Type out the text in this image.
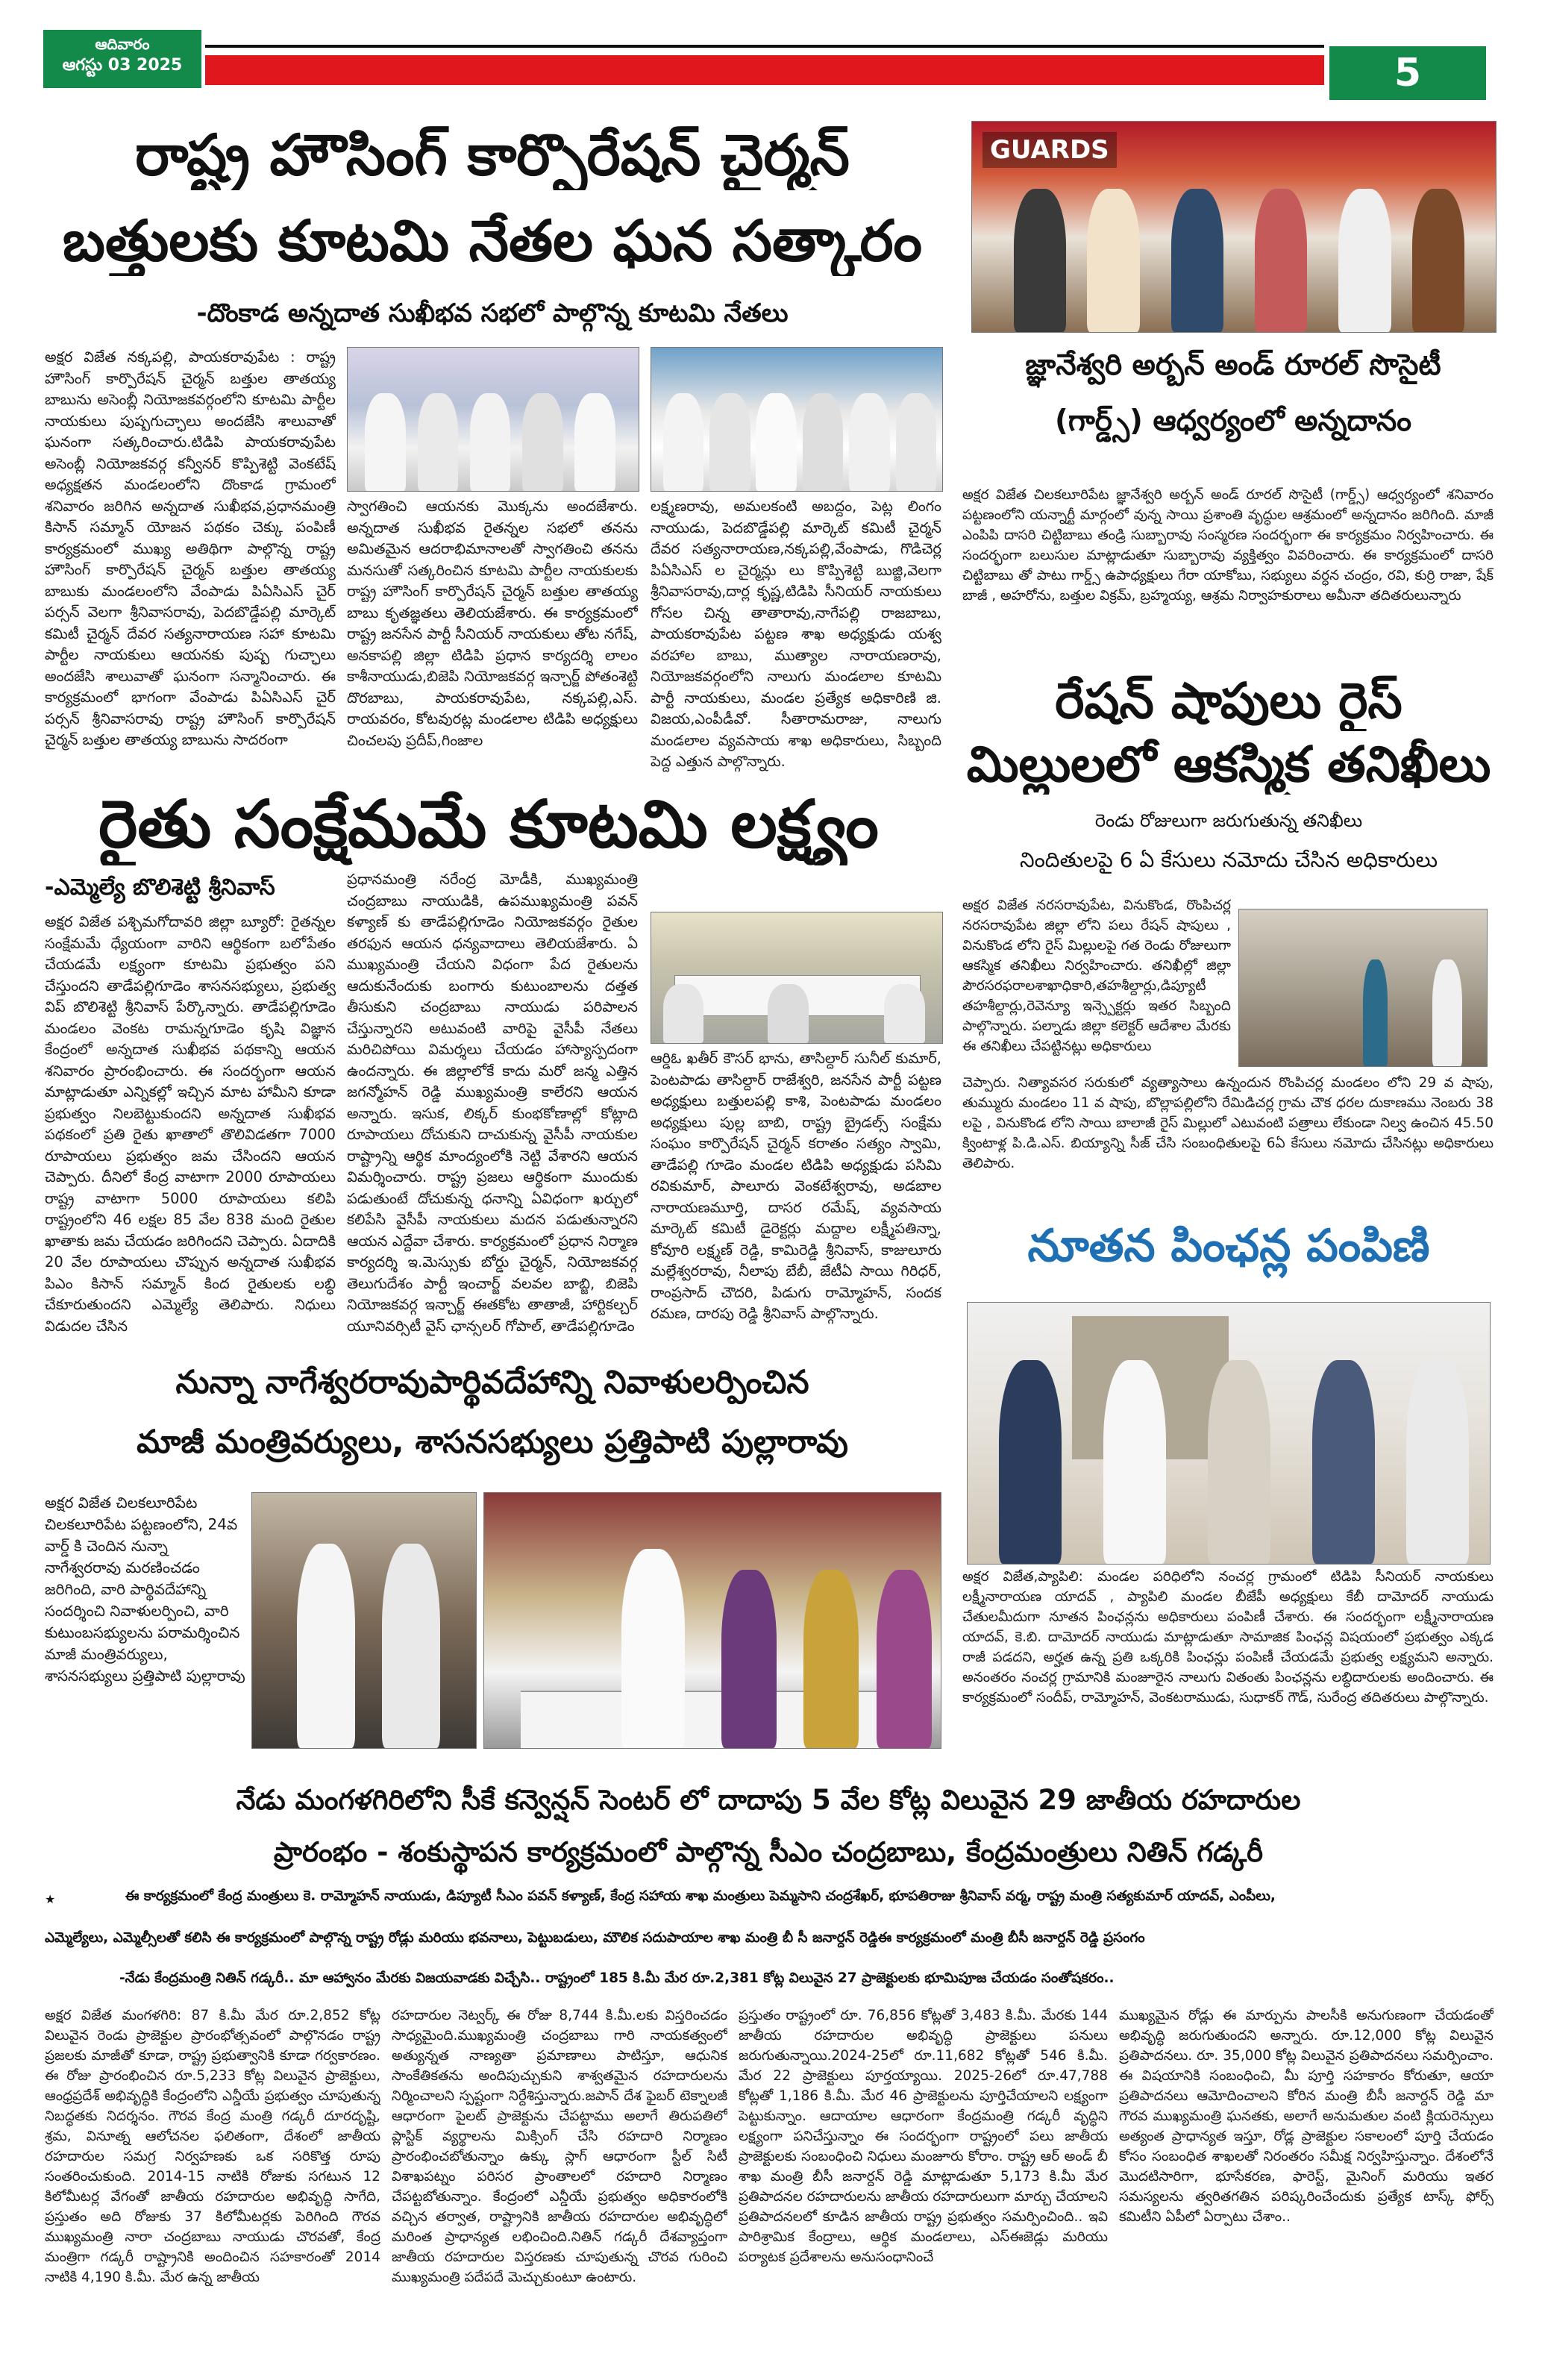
ఆదివారం
ఆగస్టు 03 2025	5
రాష్ట్ర హౌసింగ్ కార్పొరేషన్ చైర్మన్
బత్తులకు కూటమి నేతల ఘన సత్కారం
-దొంకాడ అన్నదాత సుఖీభవ సభలో పాల్గొన్న కూటమి నేతలు
అక్షర విజేత నక్కపల్లి, పాయకరావుపేట : రాష్ట్ర హౌసింగ్ కార్పొరేషన్ చైర్మన్ బత్తుల తాతయ్య బాబును అసెంబ్లీ నియోజకవర్గంలోని కూటమి పార్టీల నాయకులు పుష్పగుచ్ఛాలు అందజేసి శాలువాతో ఘనంగా సత్కరించారు.టిడిపి పాయకరావుపేట అసెంబ్లీ నియోజకవర్గ కన్వీనర్ కొప్పిశెట్టి వెంకటేష్ అధ్యక్షతన మండలంలోని దొంకాడ గ్రామంలో శనివారం జరిగిన అన్నదాత సుఖీభవ,ప్రధానమంత్రి కిసాన్ సమ్మాన్ యోజన పథకం చెక్కు పంపిణీ కార్యక్రమంలో ముఖ్య అతిథిగా పాల్గొన్న రాష్ట్ర హౌసింగ్ కార్పొరేషన్ చైర్మన్ బత్తుల తాతయ్య బాబుకు మండలంలోని వేంపాడు పిఏసిఎస్ చైర్ పర్సన్ వెలగా శ్రీనివాసరావు, పెదబొడ్డేపల్లి మార్కెట్ కమిటీ చైర్మన్ దేవర సత్యనారాయణ సహా కూటమి పార్టీల నాయకులు ఆయనకు పుష్ప గుచ్ఛాలు అందజేసి శాలువాతో ఘనంగా సన్మానించారు. ఈ కార్యక్రమంలో భాగంగా వేంపాడు పిఏసిఎస్ చైర్ పర్సన్ శ్రీనివాసరావు రాష్ట్ర హౌసింగ్ కార్పొరేషన్ చైర్మన్ బత్తుల తాతయ్య బాబును సాదరంగా
స్వాగతించి ఆయనకు మొక్కను అందజేశారు. అన్నదాత సుఖీభవ రైతన్నల సభలో తనను అమితమైన ఆదరాభిమానాలతో స్వాగతించి తనను మనసుతో సత్కరించిన కూటమి పార్టీల నాయకులకు రాష్ట్ర హౌసింగ్ కార్పొరేషన్ చైర్మన్ బత్తుల తాతయ్య బాబు కృతజ్ఞతలు తెలియజేశారు. ఈ కార్యక్రమంలో రాష్ట్ర జనసేన పార్టీ సీనియర్ నాయకులు తోట నగేష్, అనకాపల్లి జిల్లా టిడిపి ప్రధాన కార్యదర్శి లాలం కాశీనాయుడు,బిజెపి నియోజకవర్గ ఇన్చార్జ్ పోతంశెట్టి దొరబాబు, పాయకరావుపేట, నక్కపల్లి,ఎస్. రాయవరం, కోటవురట్ల మండలాల టిడిపి అధ్యక్షులు చించలపు ప్రదీప్,గింజాల
లక్ష్మణరావు, అమలకంటి అబద్దం, పెట్ల లింగం నాయుడు, పెదబొడ్డేపల్లి మార్కెట్ కమిటీ చైర్మన్ దేవర సత్యనారాయణ,నక్కపల్లి,వేంపాడు, గొడిచెర్ల పిఏసిఎస్ ల చైర్మన్లు లు కొప్పిశెట్టి బుజ్జి,వెలగా శ్రీనివాసరావు,దార్ల కృష్ణ,టిడిపి సీనియర్ నాయకులు గోసల చిన్న తాతారావు,నాగేపల్లి రాజబాబు, పాయకరావుపేట పట్టణ శాఖ అధ్యక్షుడు యశ్వ వరహాల బాబు, ముత్యాల నారాయణరావు, నియోజకవర్గంలోని నాలుగు మండలాల కూటమి పార్టీ నాయకులు, మండల ప్రత్యేక అధికారిణి జి. విజయ,ఎంపీడీవో. సీతారామరాజు, నాలుగు మండలాల వ్యవసాయ శాఖ అధికారులు, సిబ్బంది పెద్ద ఎత్తున పాల్గొన్నారు.
GUARDS
జ్ఞానేశ్వరి అర్బన్ అండ్ రూరల్ సొసైటీ
(గార్డ్స్) ఆధ్వర్యంలో అన్నదానం
అక్షర విజేత చిలకలూరిపేట జ్ఞానేశ్వరి అర్బన్ అండ్ రూరల్ సొసైటీ (గార్డ్స్) ఆధ్వర్యంలో శనివారం పట్టణంలోని యన్నార్టీ మార్గంలో వున్న సాయి ప్రశాంతి వృద్ధుల ఆశ్రమంలో అన్నదానం జరిగింది. మాజీ ఎంపిపి దాసరి చిట్టిబాబు తండ్రి సుబ్బారావు సంస్మరణ సందర్భంగా ఈ కార్యక్రమం నిర్వహించారు. ఈ సందర్భంగా బలుసుల మాట్లాడుతూ సుబ్బారావు వ్యక్తిత్వం వివరించారు. ఈ కార్యక్రమంలో దాసరి చిట్టిబాబు తో పాటు గార్డ్స్ ఉపాధ్యక్షులు గేరా యాకోబు, సభ్యులు వర్ధన చంద్రం, రవి, కుర్రి రాజా, షేక్ బాజీ , అహరోను, బత్తుల విక్రమ్, బ్రహ్మయ్య, ఆశ్రమ నిర్వాహకురాలు అమీనా తదితరులున్నారు
రేషన్ షాపులు రైస్
మిల్లులలో ఆకస్మిక తనిఖీలు
రెండు రోజులుగా జరుగుతున్న తనిఖీలు
నిందితులపై 6 ఏ కేసులు నమోదు చేసిన అధికారులు
అక్షర విజేత నరసరావుపేట, వినుకొండ, రొంపిచర్ల నరసరావుపేట జిల్లా లోని పలు రేషన్ షాపులు , వినుకొండ లోని రైస్ మిల్లులపై గత రెండు రోజులుగా ఆకస్మిక తనిఖీలు నిర్వహించారు. తనిఖీల్లో జిల్లా పౌరసరఫరాలశాఖాధికారి,తహశీల్దార్లు,డిప్యూటీ తహశీల్దార్లు,రెవెన్యూ ఇన్స్పెక్టర్లు ఇతర సిబ్బంది పాల్గొన్నారు. పల్నాడు జిల్లా కలెక్టర్ ఆదేశాల మేరకు ఈ తనిఖీలు చేపట్టినట్లు అధికారులు
చెప్పారు. నిత్యావసర సరుకులో వ్యత్యాసాలు ఉన్నందున రొంపిచర్ల మండలం లోని 29 వ షాపు, తుమ్మురు మండలం 11 వ షాపు, బొల్లాపల్లిలోని రేమిడిచర్ల గ్రామ చౌక ధరల దుకాణము నెంబరు 38 లపై , వినుకొండ లోని సాయి బాలాజీ రైస్ మిల్లులో ఎటువంటి పత్రాలు లేకుండా నిల్వ ఉంచిన 45.50 క్వింటాళ్ల పి.డి.ఎస్. బియ్యాన్ని సీజ్ చేసి సంబంధితులపై 6ఏ కేసులు నమోదు చేసినట్లు అధికారులు తెలిపారు.
రైతు సంక్షేమమే కూటమి లక్ష్యం
-ఎమ్మెల్యే బొలిశెట్టి శ్రీనివాస్
అక్షర విజేత పశ్చిమగోదావరి జిల్లా బ్యూరో: రైతన్నల సంక్షేమమే ధ్యేయంగా వారిని ఆర్థికంగా బలోపేతం చేయడమే లక్ష్యంగా కూటమి ప్రభుత్వం పని చేస్తుందని తాడేపల్లిగూడెం శాసనసభ్యులు, ప్రభుత్వ విప్ బొలిశెట్టి శ్రీనివాస్ పేర్కొన్నారు. తాడేపల్లిగూడెం మండలం వెంకట రామన్నగూడెం కృషి విజ్ఞాన కేంద్రంలో అన్నదాత సుఖీభవ పథకాన్ని ఆయన శనివారం ప్రారంభించారు. ఈ సందర్భంగా ఆయన మాట్లాడుతూ ఎన్నికల్లో ఇచ్చిన మాట హామీని కూడా ప్రభుత్వం నిలబెట్టుకుందని అన్నదాత సుఖీభవ పథకంలో ప్రతి రైతు ఖాతాలో తొలివిడతగా 7000 రూపాయలు ప్రభుత్వం జమ చేసిందని ఆయన చెప్పారు. దీనిలో కేంద్ర వాటాగా 2000 రూపాయలు రాష్ట్ర వాటాగా 5000 రూపాయలు కలిపి రాష్ట్రంలోని 46 లక్షల 85 వేల 838 మంది రైతుల ఖాతాకు జమ చేయడం జరిగిందని చెప్పారు. ఏదాదికి 20 వేల రూపాయలు చొప్పున అన్నదాత సుఖీభవ పిఎం కిసాన్ సమ్మాన్ కింద రైతులకు లబ్ధి చేకూరుతుందని ఎమ్మెల్యే తెలిపారు. నిధులు విడుదల చేసిన
ప్రధానమంత్రి నరేంద్ర మోడీకి, ముఖ్యమంత్రి చంద్రబాబు నాయుడికి, ఉపముఖ్యమంత్రి పవన్ కళ్యాణ్ కు తాడేపల్లిగూడెం నియోజకవర్గం రైతుల తరఫున ఆయన ధన్యవాదాలు తెలియజేశారు. ఏ ముఖ్యమంత్రి చేయని విధంగా పేద రైతులను ఆదుకునేందుకు బంగారు కుటుంబాలను దత్తత తీసుకుని చంద్రబాబు నాయుడు పరిపాలన చేస్తున్నారని అటువంటి వారిపై వైసీపీ నేతలు మరిచిపోయి విమర్శలు చేయడం హాస్యాస్పదంగా ఉందన్నారు. ఈ జిల్లాలోకే కాదు మరో జన్మ ఎత్తిన జగన్మోహన్ రెడ్డి ముఖ్యమంత్రి కాలేరని ఆయన అన్నారు. ఇసుక, లిక్కర్ కుంభకోణాల్లో కోట్లాది రూపాయలు దోచుకుని దాచుకున్న వైసీపీ నాయకుల రాష్ట్రాన్ని ఆర్థిక మాంద్యంలోకి నెట్టి వేశారని ఆయన విమర్శించారు. రాష్ట్ర ప్రజలు ఆర్థికంగా ముందుకు పడుతుంటే దోచుకున్న ధనాన్ని ఏవిధంగా ఖర్చులో కలిపేసి వైసీపీ నాయకులు మదన పడుతున్నారని ఆయన ఎద్దేవా చేశారు. కార్యక్రమంలో ప్రధాన నిర్మాణ కార్యదర్శి ఇ.మెస్సుకు బోర్డు చైర్మన్, నియోజకవర్గ తెలుగుదేశం పార్టీ ఇంచార్జ్ వలవల బాబ్జి, బిజెపి నియోజకవర్గ ఇన్చార్జ్ ఈతకోట తాతాజీ, హార్టికల్చర్ యూనివర్సిటీ వైస్ ఛాన్సలర్ గోపాల్, తాడేపల్లిగూడెం
ఆర్డిఓ ఖతీర్ కౌసర్ భాను, తాసిల్దార్ సునీల్ కుమార్, పెంటపాడు తాసిల్దార్ రాజేశ్వరి, జనసేన పార్టీ పట్టణ అధ్యక్షులు బత్తులపల్లి కాశి, పెంటపాడు మండలం అధ్యక్షులు పుల్ల బాబి, రాష్ట్ర బ్రైడల్స్ సంక్షేమ సంఘం కార్పొరేషన్ చైర్మన్ కరాతం సత్యం స్వామి, తాడేపల్లి గూడెం మండల టిడిపి అధ్యక్షుడు పసిమి రవికుమార్, పాలూరు వెంకటేశ్వరావు, అడబాల నారాయణమూర్తి, దాసర రమేష్, వ్యవసాయ మార్కెట్ కమిటీ డైరెక్టర్లు మద్దాల లక్ష్మీపతిన్నా, కోవూరి లక్ష్మణ్ రెడ్డి, కామిరెడ్డి శ్రీనివాస్, కాజులూరు మల్లేశ్వరరావు, నీలాపు బేబీ, జేటీఏ సాయి గిరిధర్, రాంప్రసాద్ చౌదరి, పిడుగు రామ్మోహన్, సందక రమణ, దారపు రెడ్డి శ్రీనివాస్ పాల్గొన్నారు.
నూతన పింఛన్ల పంపిణి
అక్షర విజేత,ప్యాపిలి: మండల పరిధిలోని నంచర్ల గ్రామంలో టిడిపి సీనియర్ నాయకులు లక్ష్మీనారాయణ యాదవ్ , ప్యాపిలి మండల బీజేపీ అధ్యక్షులు కేబీ దామోదర్ నాయుడు చేతులమీదుగా నూతన పింఛన్లను అధికారులు పంపిణీ చేశారు. ఈ సందర్భంగా లక్ష్మీనారాయణ యాదవ్, కె.బి. దామోదర్ నాయుడు మాట్లాడుతూ సామాజిక పింఛన్ల విషయంలో ప్రభుత్వం ఎక్కడ రాజీ పడదని, అర్హత ఉన్న ప్రతి ఒక్కరికి పింఛన్లు పంపిణీ చేయడమే ప్రభుత్వ లక్ష్యమని అన్నారు. అనంతరం నంచర్ల గ్రామానికి మంజూరైన నాలుగు వితంతు పింఛన్లను లబ్ధిదారులకు అందించారు. ఈ కార్యక్రమంలో సందీప్, రామ్మోహన్, వెంకటరాముడు, సుధాకర్ గౌడ్, సురేంద్ర తదితరులు పాల్గొన్నారు.
నున్నా నాగేశ్వరరావుపార్థివదేహాన్ని నివాళులర్పించిన
మాజీ మంత్రివర్యులు, శాసనసభ్యులు ప్రత్తిపాటి పుల్లారావు
అక్షర విజేత చిలకలూరిపేట
చిలకలూరిపేట పట్టణంలోని, 24వ వార్డ్ కి చెందిన నున్నా నాగేశ్వరరావు మరణించడం జరిగింది, వారి పార్థివదేహాన్ని సందర్శించి నివాళులర్పించి, వారి కుటుంబసభ్యులను పరామర్శించిన మాజీ మంత్రివర్యులు, శాసనసభ్యులు ప్రత్తిపాటి పుల్లారావు
నేడు మంగళగిరిలోని సీకే కన్వెన్షన్ సెంటర్ లో దాదాపు 5 వేల కోట్ల విలువైన 29 జాతీయ రహదారుల
ప్రారంభం - శంకుస్థాపన కార్యక్రమంలో పాల్గొన్న సీఎం చంద్రబాబు, కేంద్రమంత్రులు నితిన్ గడ్కరీ
★	ఈ కార్యక్రమంలో కేంద్ర మంత్రులు కె. రామ్మోహన్ నాయుడు, డిప్యూటీ సీఎం పవన్ కళ్యాణ్, కేంద్ర సహాయ శాఖ మంత్రులు పెమ్మసాని చంద్రశేఖర్, భూపతిరాజు శ్రీనివాస్ వర్మ, రాష్ట్ర మంత్రి సత్యకుమార్ యాదవ్, ఎంపీలు,
ఎమ్మెల్యేలు, ఎమ్మెల్సీలతో కలిసి ఈ కార్యక్రమంలో పాల్గొన్న రాష్ట్ర రోడ్లు మరియు భవనాలు, పెట్టుబడులు, మౌలిక సదుపాయాల శాఖ మంత్రి బీ సీ జనార్దన్ రెడ్డిఈ కార్యక్రమంలో మంత్రి బీసీ జనార్దన్ రెడ్డి ప్రసంగం
-నేడు కేంద్రమంత్రి నితిన్ గడ్కరీ.. మా ఆహ్వానం మేరకు విజయవాడకు విచ్చేసి.. రాష్ట్రంలో 185 కి.మీ మేర రూ.2,381 కోట్ల విలువైన 27 ప్రాజెక్టులకు భూమిపూజ చేయడం సంతోషకరం..
అక్షర విజేత మంగళగిరి: 87 కి.మీ మేర రూ.2,852 కోట్ల విలువైన రెండు ప్రాజెక్టుల ప్రారంభోత్సవంలో పాల్గొనడం రాష్ట్ర ప్రజలకు మాజీతో కూడా, రాష్ట్ర ప్రభుత్వానికి కూడా గర్వకారణం. ఈ రోజు ప్రారంభించిన రూ.5,233 కోట్ల విలువైన ప్రాజెక్టులు, ఆంధ్రప్రదేశ్ అభివృద్ధికి కేంద్రంలోని ఎన్డీయే ప్రభుత్వం చూపుతున్న నిబద్ధతకు నిదర్శనం. గౌరవ కేంద్ర మంత్రి గడ్కరీ దూరదృష్టి, శ్రమ, వినూత్న ఆలోచనల ఫలితంగా, దేశంలో జాతీయ రహదారుల సమగ్ర నిర్వహణకు ఒక సరికొత్త రూపు సంతరించుకుంది. 2014-15 నాటికి రోజుకు సగటున 12 కిలోమీటర్ల వేగంతో జాతీయ రహదారుల అభివృద్ధి సాగేది, ప్రస్తుతం అది రోజుకు 37 కిలోమీటర్లకు పెరిగింది గౌరవ ముఖ్యమంత్రి నారా చంద్రబాబు నాయుడు చొరవతో, కేంద్ర మంత్రిగా గడ్కరీ రాష్ట్రానికి అందించిన సహకారంతో 2014 నాటికి 4,190 కి.మీ. మేర ఉన్న జాతీయ
రహదారుల నెట్వర్క్ ఈ రోజు 8,744 కి.మీ.లకు విస్తరించడం సాధ్యమైంది.ముఖ్యమంత్రి చంద్రబాబు గారి నాయకత్వంలో అత్యున్నత నాణ్యతా ప్రమాణాలు పాటిస్తూ, ఆధునిక సాంకేతికతను అందిపుచ్చుకుని శాశ్వతమైన రహదారులను నిర్మించాలని స్పష్టంగా నిర్దేశిస్తున్నారు.జపాన్ దేశ ఫైబర్ టెక్నాలజీ ఆధారంగా పైలట్ ప్రాజెక్టును చేపట్టాము అలాగే తిరుపతిలో ప్లాస్టిక్ వ్యర్థాలను మిక్సింగ్ చేసి రహదారి నిర్మాణం ప్రారంభించబోతున్నాం ఉక్కు స్లాగ్ ఆధారంగా స్టీల్ సిటీ విశాఖపట్నం పరిసర ప్రాంతాలలో రహదారి నిర్మాణం చేపట్టబోతున్నాం. కేంద్రంలో ఎన్డీయే ప్రభుత్వం అధికారంలోకి వచ్చిన తర్వాత, రాష్ట్రానికి జాతీయ రహదారుల అభివృద్ధిలో మరింత ప్రాధాన్యత లభించింది.నితిన్ గడ్కరీ దేశవ్యాప్తంగా జాతీయ రహదారుల విస్తరణకు చూపుతున్న చొరవ గురించి ముఖ్యమంత్రి పదేపదే మెచ్చుకుంటూ ఉంటారు.
ప్రస్తుతం రాష్ట్రంలో రూ. 76,856 కోట్లతో 3,483 కి.మీ. మేరకు 144 జాతీయ రహదారుల అభివృద్ధి ప్రాజెక్టులు పనులు జరుగుతున్నాయి.2024-25లో రూ.11,682 కోట్లతో 546 కి.మీ. మేర 22 ప్రాజెక్టులు పూర్తయ్యాయి. 2025-26లో రూ.47,788 కోట్లతో 1,186 కి.మీ. మేర 46 ప్రాజెక్టులను పూర్తిచేయాలని లక్ష్యంగా పెట్టుకున్నాం. ఆదాయాల ఆధారంగా కేంద్రమంత్రి గడ్కరీ వృద్ధిని లక్ష్యంగా పనిచేస్తున్నాం ఈ సందర్భంగా రాష్ట్రంలో పలు జాతీయ ప్రాజెక్టులకు సంబంధించి నిధులు మంజూరు కోరాం. రాష్ట్ర ఆర్ అండ్ బీ శాఖ మంత్రి బీసీ జనార్దన్ రెడ్డి మాట్లాడుతూ 5,173 కి.మీ మేర ప్రతిపాదనల రహదారులను జాతీయ రహదారులుగా మార్చు చేయాలని ప్రతిపాదనలలో కూడిన జాతీయ రాష్ట్ర ప్రభుత్వం సమర్పించింది.. ఇవి పారిశ్రామిక కేంద్రాలు, ఆర్థిక మండలాలు, ఎస్ఈజెడ్లు మరియు పర్యాటక ప్రదేశాలను అనుసంధానించే
ముఖ్యమైన రోడ్లు ఈ మార్పును పాలసీకి అనుగుణంగా చేయడంతో అభివృద్ధి జరుగుతుందని అన్నారు. రూ.12,000 కోట్ల విలువైన ప్రతిపాదనలు. రూ. 35,000 కోట్ల విలువైన ప్రతిపాదనలు సమర్పించాం. ఈ విషయానికి సంబంధించి, మీ పూర్తి సహకారం కోరుతూ, ఆయా ప్రతిపాదనలు ఆమోదించాలని కోరిన మంత్రి బీసీ జనార్దన్ రెడ్డి మా గౌరవ ముఖ్యమంత్రి ఘనతకు, అలాగే అనుమతుల వంటి క్లియరెన్సులు అత్యంత ప్రాధాన్యత ఇస్తూ, రోడ్ల ప్రాజెక్టుల సకాలంలో పూర్తి చేయడం కోసం సంబంధిత శాఖలతో నిరంతరం సమీక్ష నిర్వహిస్తున్నాం. దేశంలోనే మొదటిసారిగా, భూసేకరణ, ఫారెస్ట్, మైనింగ్ మరియు ఇతర సమస్యలను త్వరితగతిన పరిష్కరించేందుకు ప్రత్యేక టాస్క్ ఫోర్స్ కమిటీని ఏపీలో ఏర్పాటు చేశాం..
